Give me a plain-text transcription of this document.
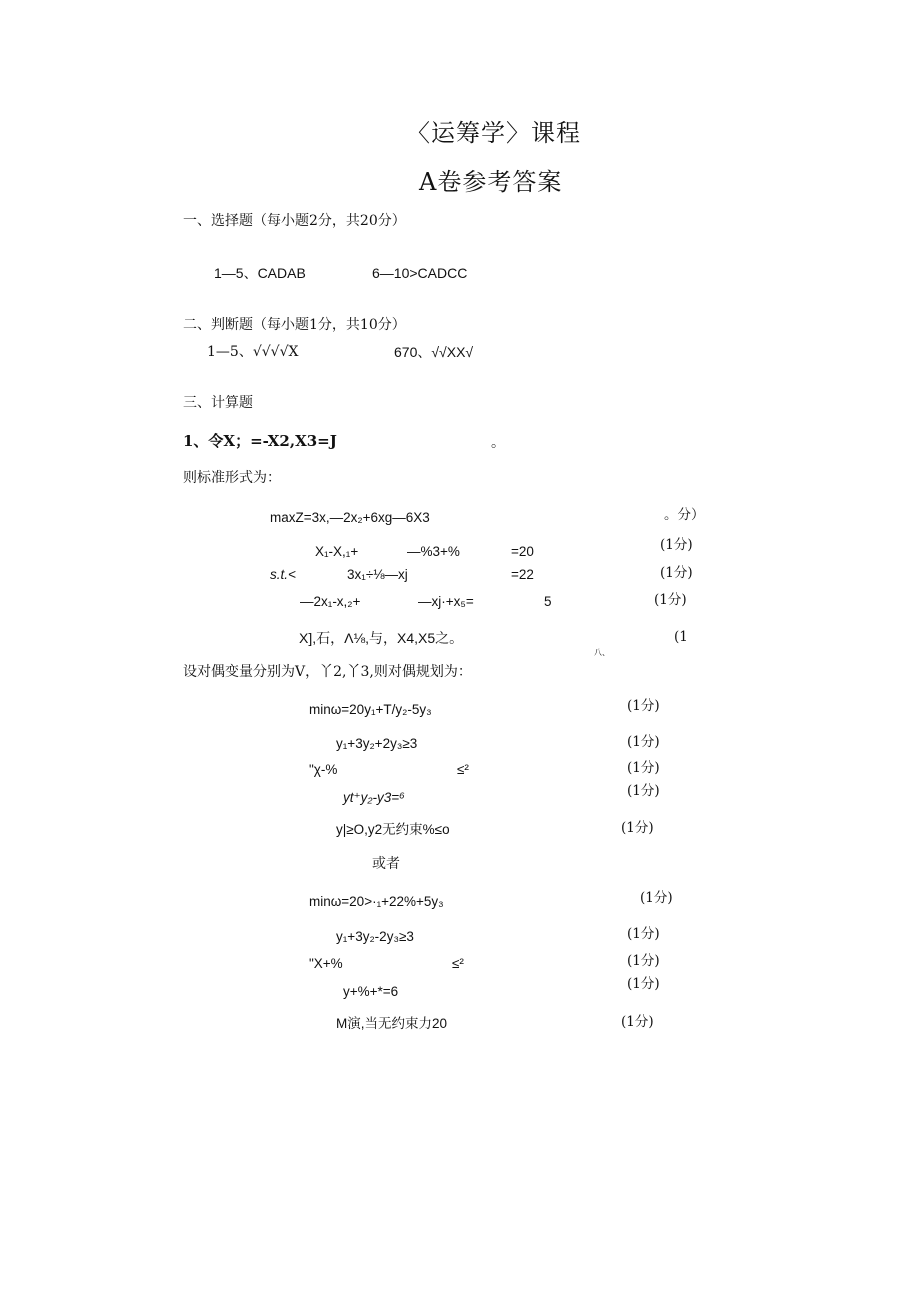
〈运筹学〉课程
A卷参考答案
一、选择题（每小题2分，共20分）
1—5、CADAB	6—10>CADCC
二、判断题（每小题1分，共10分）
1—5、√√√√X	670、√√XX√
三、计算题
1、令X；=-X2,X3=J	。
则标准形式为：
maxZ=3x,—2x₂+6xg—6X3	。分）
X₁-X,₁+	—%3+%	=20	(1分)
s.t.<	3x₁÷⅛—xj	=22	(1分)
—2x₁-x,₂+	—xj·+x₅=	5	(1分)
X],石，Λ⅛,与，X4,X5之。	(1
八、
设对偶变量分别为V，丫2,丫3,则对偶规划为：
minω=20y₁+T/y₂-5y₃	(1分)
y₁+3y₂+2y₃≥3	(1分)
"χ-%	≤²	(1分)
yt⁺y₂-y3=⁶	(1分)
y|≥O,y2无约束%≤o	(1分)
或者
minω=20>·₁+22%+5y₃	(1分)
y₁+3y₂-2y₃≥3	(1分)
"X+%	≤²	(1分)
y+%+*=6	(1分)
M演,当无约束力20	(1分)
